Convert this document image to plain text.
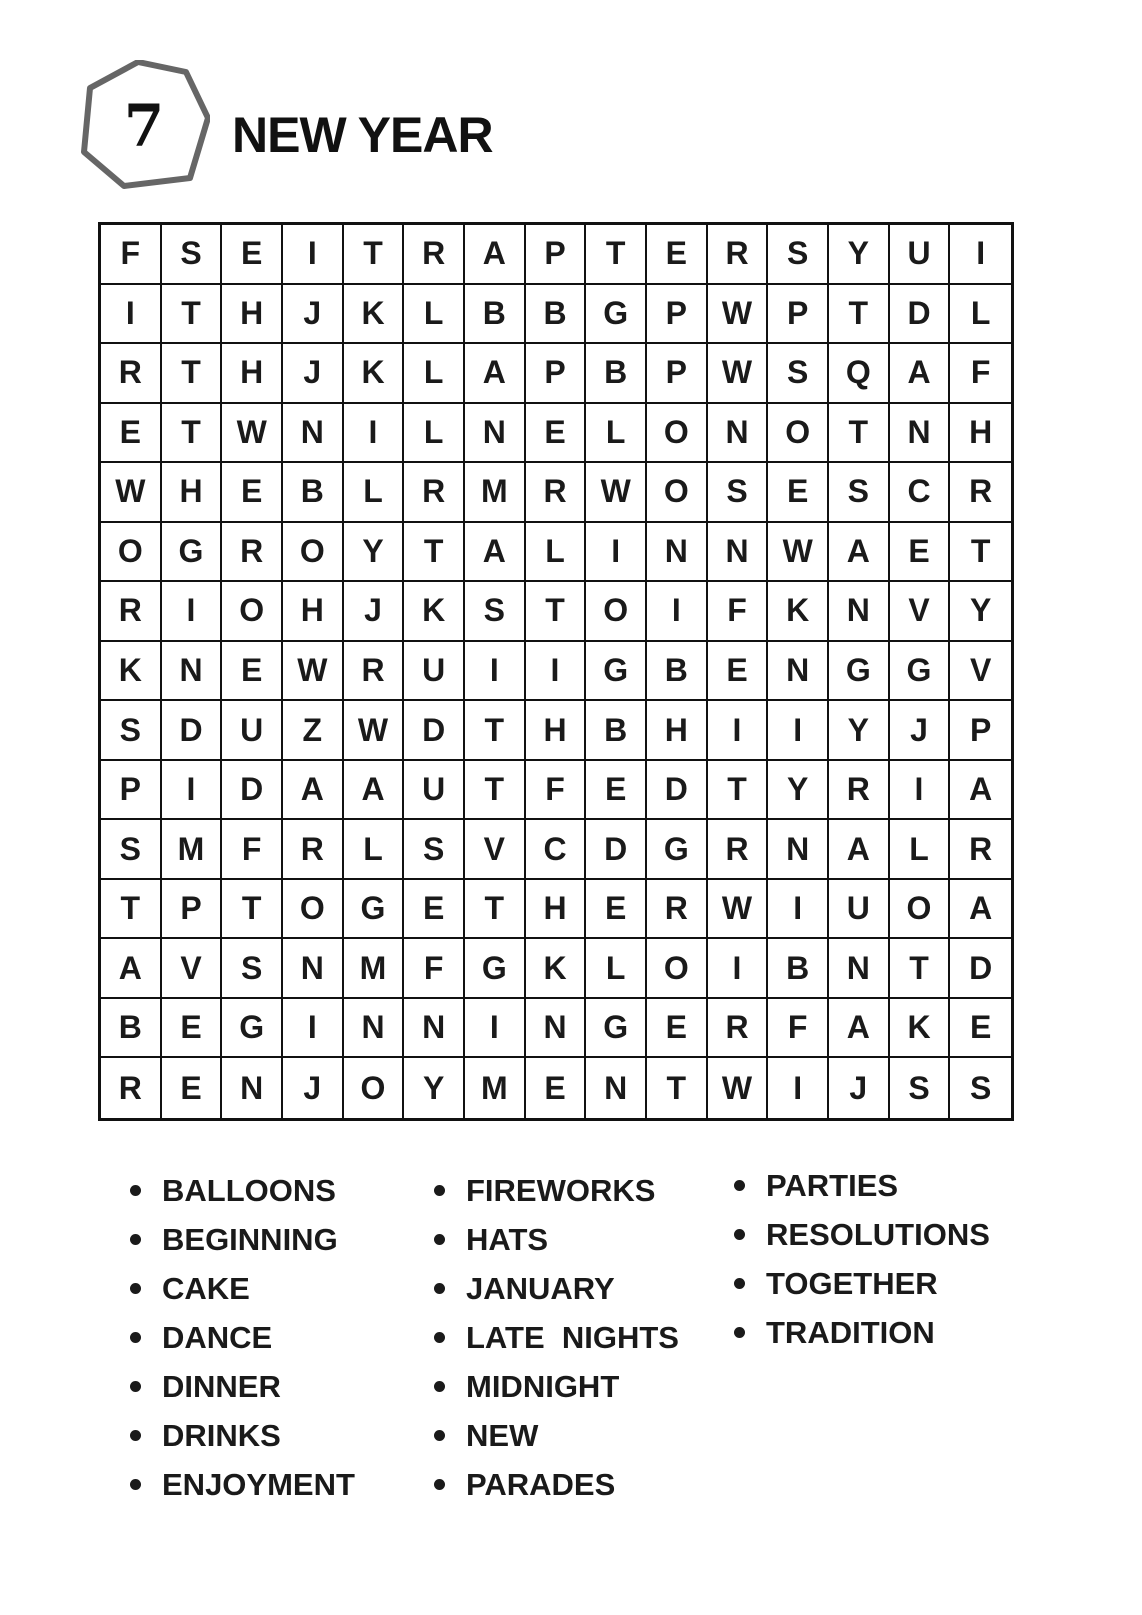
7	NEW YEAR
F	S	E	I	T	R	A	P	T	E	R	S	Y	U	I
I	T	H	J	K	L	B	B	G	P	W	P	T	D	L
R	T	H	J	K	L	A	P	B	P	W	S	Q	A	F
E	T	W	N	I	L	N	E	L	O	N	O	T	N	H
W	H	E	B	L	R	M	R	W	O	S	E	S	C	R
O	G	R	O	Y	T	A	L	I	N	N	W	A	E	T
R	I	O	H	J	K	S	T	O	I	F	K	N	V	Y
K	N	E	W	R	U	I	I	G	B	E	N	G	G	V
S	D	U	Z	W	D	T	H	B	H	I	I	Y	J	P
P	I	D	A	A	U	T	F	E	D	T	Y	R	I	A
S	M	F	R	L	S	V	C	D	G	R	N	A	L	R
T	P	T	O	G	E	T	H	E	R	W	I	U	O	A
A	V	S	N	M	F	G	K	L	O	I	B	N	T	D
B	E	G	I	N	N	I	N	G	E	R	F	A	K	E
R	E	N	J	O	Y	M	E	N	T	W	I	J	S	S
BALLOONS
BEGINNING
CAKE
DANCE
DINNER
DRINKS
ENJOYMENT
FIREWORKS
HATS
JANUARY
LATE  NIGHTS
MIDNIGHT
NEW
PARADES
PARTIES
RESOLUTIONS
TOGETHER
TRADITION
